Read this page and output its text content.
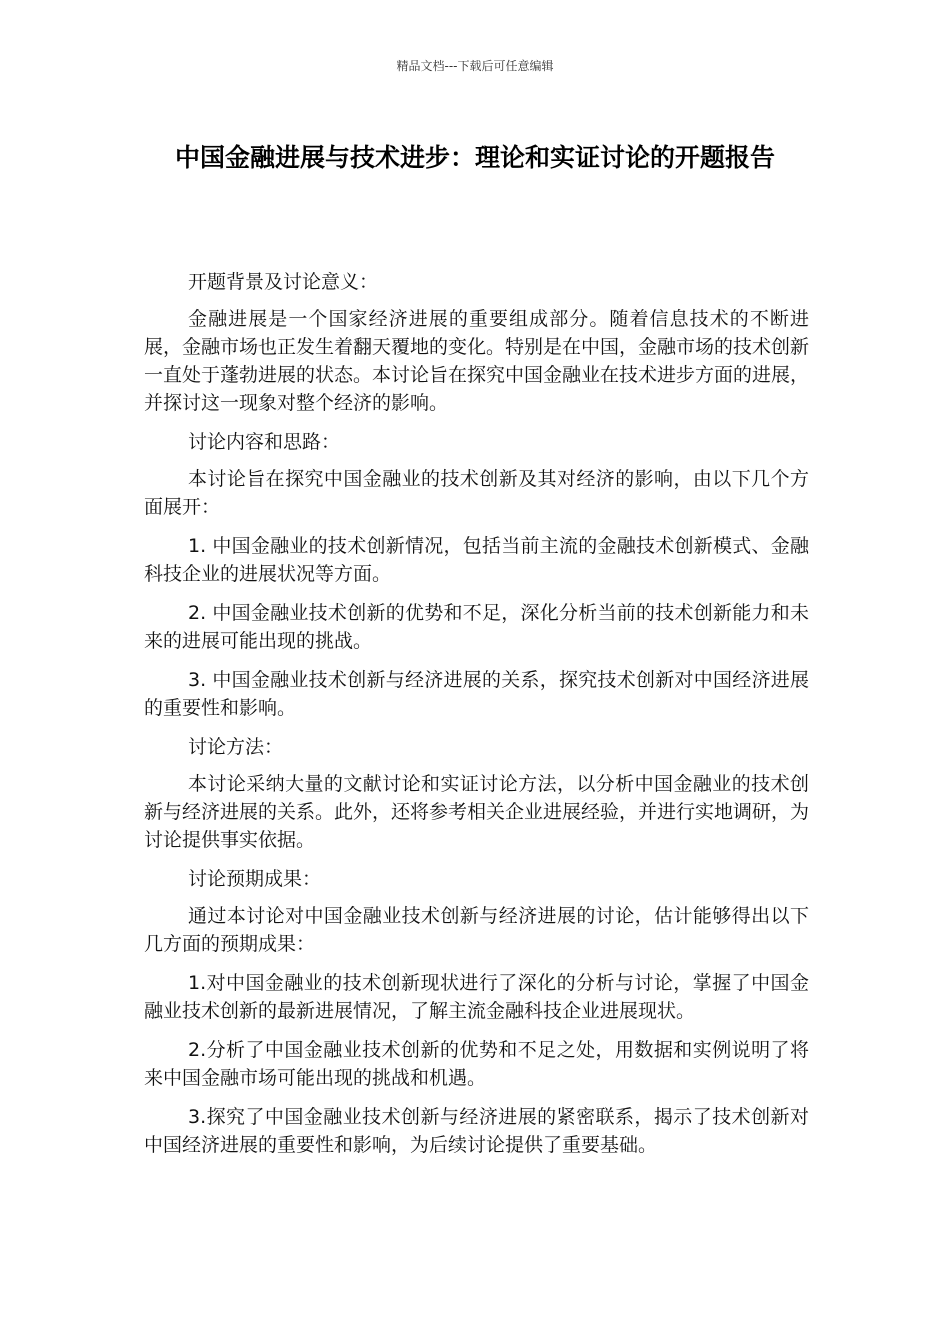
精品文档---下载后可任意编辑
中国金融进展与技术进步：理论和实证讨论的开题报告

开题背景及讨论意义：

金融进展是一个国家经济进展的重要组成部分。随着信息技术的不断进展，金融市场也正发生着翻天覆地的变化。特别是在中国，金融市场的技术创新一直处于蓬勃进展的状态。本讨论旨在探究中国金融业在技术进步方面的进展，并探讨这一现象对整个经济的影响。

讨论内容和思路：

本讨论旨在探究中国金融业的技术创新及其对经济的影响，由以下几个方面展开：

1. 中国金融业的技术创新情况，包括当前主流的金融技术创新模式、金融科技企业的进展状况等方面。

2. 中国金融业技术创新的优势和不足，深化分析当前的技术创新能力和未来的进展可能出现的挑战。

3. 中国金融业技术创新与经济进展的关系，探究技术创新对中国经济进展的重要性和影响。

讨论方法：

本讨论采纳大量的文献讨论和实证讨论方法，以分析中国金融业的技术创新与经济进展的关系。此外，还将参考相关企业进展经验，并进行实地调研，为讨论提供事实依据。

讨论预期成果：

通过本讨论对中国金融业技术创新与经济进展的讨论，估计能够得出以下几方面的预期成果：

1.对中国金融业的技术创新现状进行了深化的分析与讨论，掌握了中国金融业技术创新的最新进展情况，了解主流金融科技企业进展现状。

2.分析了中国金融业技术创新的优势和不足之处，用数据和实例说明了将来中国金融市场可能出现的挑战和机遇。

3.探究了中国金融业技术创新与经济进展的紧密联系，揭示了技术创新对中国经济进展的重要性和影响，为后续讨论提供了重要基础。
